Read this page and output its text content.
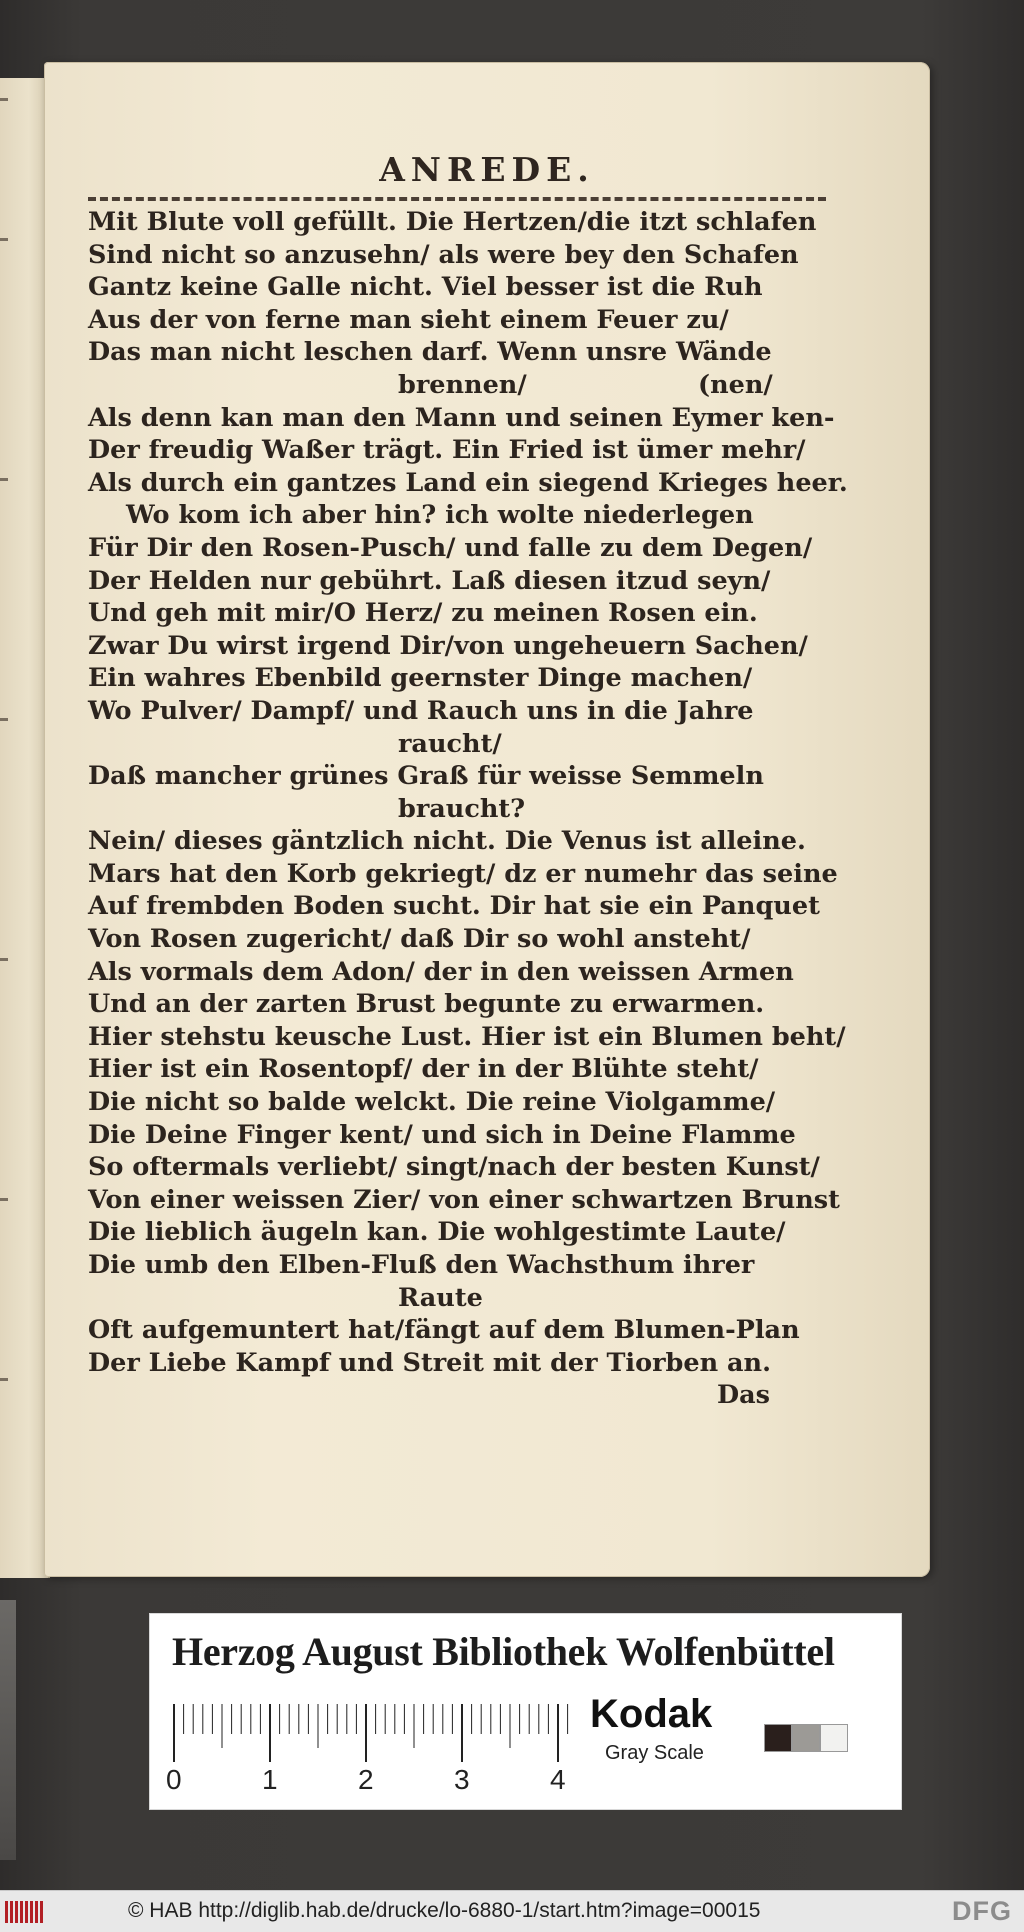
ANREDE.
Mit Blute voll gefüllt. Die Hertzen/die itzt schlafen
Sind nicht so anzusehn/ als were bey den Schafen
Gantz keine Galle nicht. Viel besser ist die Ruh
Aus der von ferne man sieht einem Feuer zu/
Das man nicht leschen darf. Wenn unsre Wände
brennen/	(nen/
Als denn kan man den Mann und seinen Eymer ken-
Der freudig Waßer trägt. Ein Fried ist ümer mehr/
Als durch ein gantzes Land ein siegend Krieges heer.
Wo kom ich aber hin? ich wolte niederlegen
Für Dir den Rosen-Pusch/ und falle zu dem Degen/
Der Helden nur gebührt. Laß diesen itzud seyn/
Und geh mit mir/O Herz/ zu meinen Rosen ein.
Zwar Du wirst irgend Dir/von ungeheuern Sachen/
Ein wahres Ebenbild geernster Dinge machen/
Wo Pulver/ Dampf/ und Rauch uns in die Jahre
raucht/
Daß mancher grünes Graß für weisse Semmeln
braucht?
Nein/ dieses gäntzlich nicht. Die Venus ist alleine.
Mars hat den Korb gekriegt/ dz er numehr das seine
Auf frembden Boden sucht. Dir hat sie ein Panquet
Von Rosen zugericht/ daß Dir so wohl ansteht/
Als vormals dem Adon/ der in den weissen Armen
Und an der zarten Brust begunte zu erwarmen.
Hier stehstu keusche Lust. Hier ist ein Blumen beht/
Hier ist ein Rosentopf/ der in der Blühte steht/
Die nicht so balde welckt. Die reine Violgamme/
Die Deine Finger kent/ und sich in Deine Flamme
So oftermals verliebt/ singt/nach der besten Kunst/
Von einer weissen Zier/ von einer schwartzen Brunst
Die lieblich äugeln kan. Die wohlgestimte Laute/
Die umb den Elben-Fluß den Wachsthum ihrer
Raute
Oft aufgemuntert hat/fängt auf dem Blumen-Plan
Der Liebe Kampf und Streit mit der Tiorben an.
Das
Herzog August Bibliothek Wolfenbüttel
0	1	2	3	4
Kodak
Gray Scale
© HAB http://diglib.hab.de/drucke/lo-6880-1/start.htm?image=00015	DFG
